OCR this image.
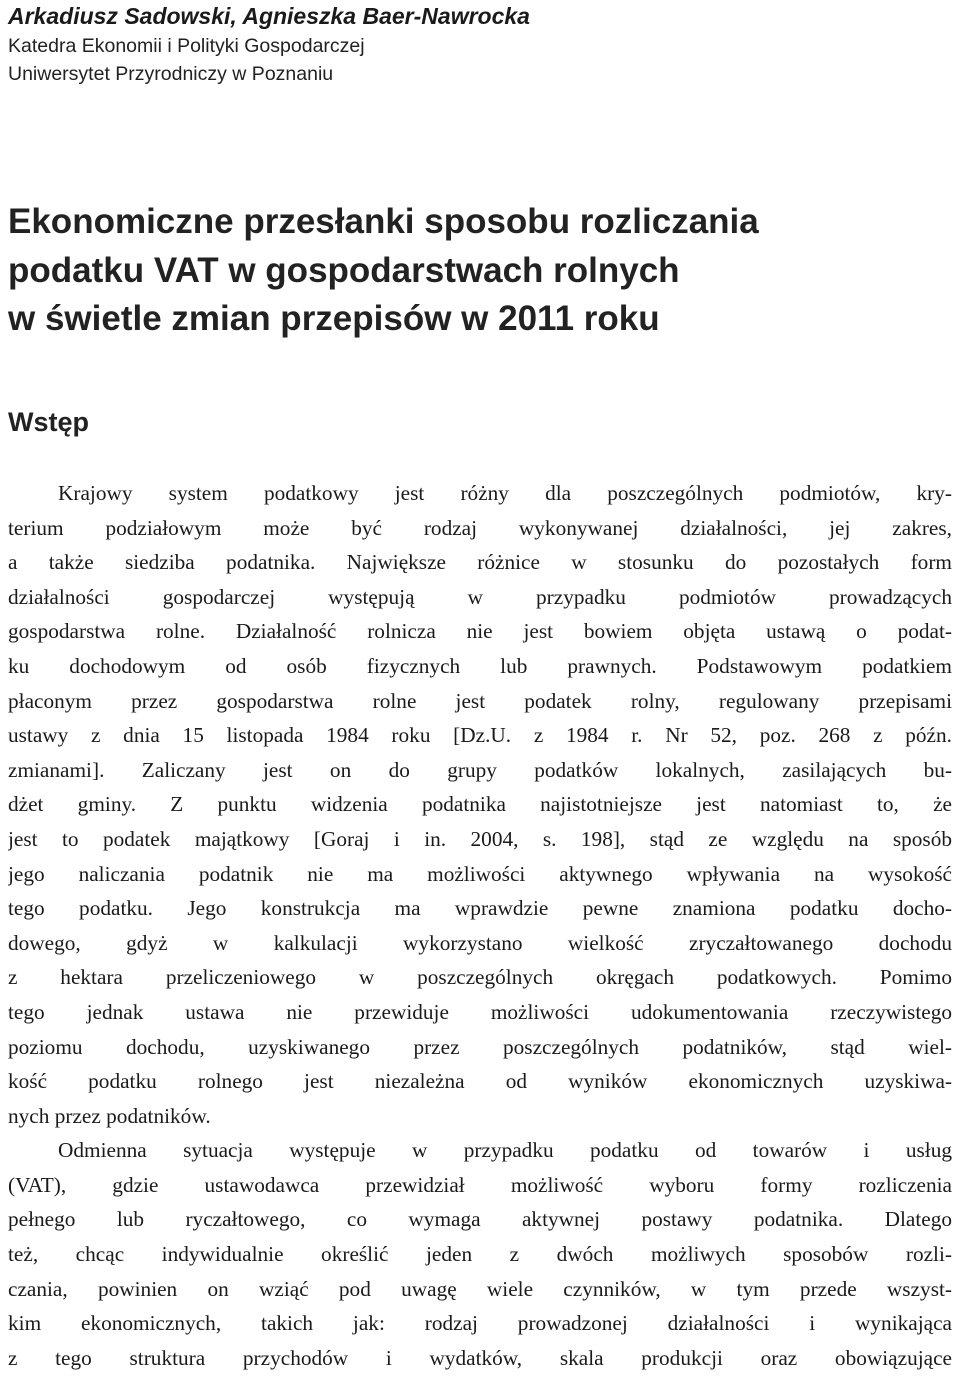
Arkadiusz Sadowski, Agnieszka Baer-Nawrocka
Katedra Ekonomii i Polityki Gospodarczej
Uniwersytet Przyrodniczy w Poznaniu
Ekonomiczne przesłanki sposobu rozliczania
podatku VAT w gospodarstwach rolnych
w świetle zmian przepisów w 2011 roku
Wstęp
Krajowy system podatkowy jest różny dla poszczególnych podmiotów, kry-
terium podziałowym może być rodzaj wykonywanej działalności, jej zakres,
a także siedziba podatnika. Największe różnice w stosunku do pozostałych form
działalności gospodarczej występują w przypadku podmiotów prowadzących
gospodarstwa rolne. Działalność rolnicza nie jest bowiem objęta ustawą o podat-
ku dochodowym od osób fizycznych lub prawnych. Podstawowym podatkiem
płaconym przez gospodarstwa rolne jest podatek rolny, regulowany przepisami
ustawy z dnia 15 listopada 1984 roku [Dz.U. z 1984 r. Nr 52, poz. 268 z późn.
zmianami]. Zaliczany jest on do grupy podatków lokalnych, zasilających bu-
dżet gminy. Z punktu widzenia podatnika najistotniejsze jest natomiast to, że
jest to podatek majątkowy [Goraj i in. 2004, s. 198], stąd ze względu na sposób
jego naliczania podatnik nie ma możliwości aktywnego wpływania na wysokość
tego podatku. Jego konstrukcja ma wprawdzie pewne znamiona podatku docho-
dowego, gdyż w kalkulacji wykorzystano wielkość zryczałtowanego dochodu
z hektara przeliczeniowego w poszczególnych okręgach podatkowych. Pomimo
tego jednak ustawa nie przewiduje możliwości udokumentowania rzeczywistego
poziomu dochodu, uzyskiwanego przez poszczególnych podatników, stąd wiel-
kość podatku rolnego jest niezależna od wyników ekonomicznych uzyskiwa-
nych przez podatników.
Odmienna sytuacja występuje w przypadku podatku od towarów i usług
(VAT), gdzie ustawodawca przewidział możliwość wyboru formy rozliczenia
pełnego lub ryczałtowego, co wymaga aktywnej postawy podatnika. Dlatego
też, chcąc indywidualnie określić jeden z dwóch możliwych sposobów rozli-
czania, powinien on wziąć pod uwagę wiele czynników, w tym przede wszyst-
kim ekonomicznych, takich jak: rodzaj prowadzonej działalności i wynikająca
z tego struktura przychodów i wydatków, skala produkcji oraz obowiązujące
